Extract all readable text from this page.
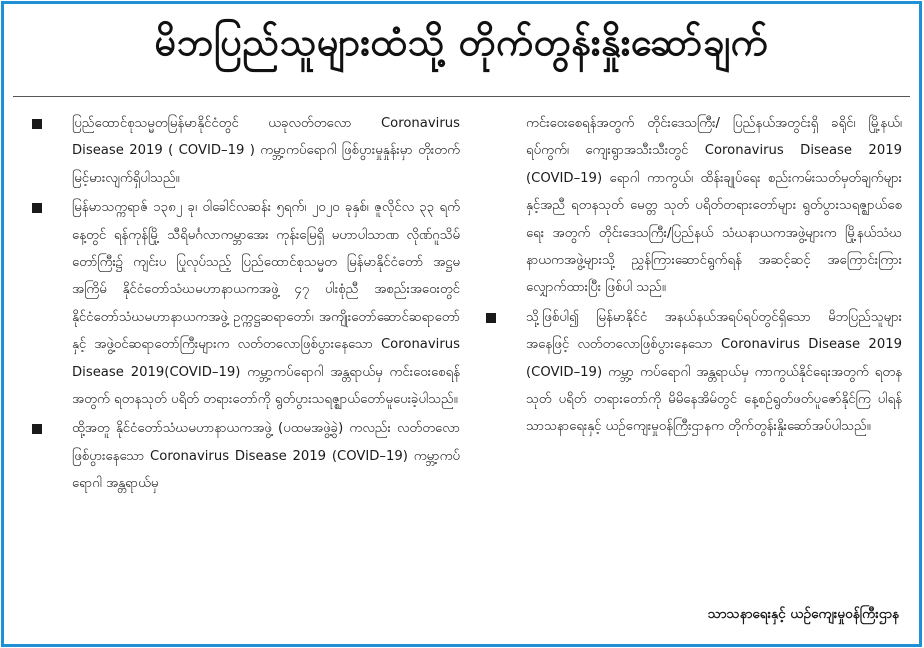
မိဘပြည်သူများထံသို့ တိုက်တွန်းနှိုးဆော်ချက်
ပြည်ထောင်စုသမ္မတမြန်မာနိုင်ငံတွင် ယခုလတ်တလော Coronavirus Disease 2019 ( COVID–19 ) ကမ္ဘာ့ကပ်ရောဂါ ဖြစ်ပွားမှုနှုန်းမှာ တိုးတက်မြင့်မားလျက်ရှိပါသည်။
မြန်မာသက္ကရာဇ် ၁၃၈၂ ခု၊ ဝါခေါင်လဆန်း ၅ရက်၊ ၂၀၂၀ ခုနှစ်၊ ဇူလိုင်လ ၃၃ ရက်နေ့တွင် ရန်ကုန်မြို့ သီရိမင်္ဂလာကမ္ဘာအေး ကုန်းမြေရှိ မဟာပါသာဏ လိုဏ်ဂူသိမ်တော်ကြီး၌ ကျင်းပ ပြုလုပ်သည့် ပြည်ထောင်စုသမ္မတ မြန်မာနိုင်ငံတော် အဋ္ဌမ အကြိမ် နိုင်ငံတော်သံဃမဟာနာယကအဖွဲ့ ၄၇ ပါးစုံညီ အစည်းအဝေးတွင် နိုင်ငံတော်သံဃမဟာနာယကအဖွဲ့ ဥက္ကဋ္ဌဆရာတော်၊ အကျိုးတော်ဆောင်ဆရာတော်နှင့် အဖွဲ့ဝင်ဆရာတော်ကြီးများက လတ်တလောဖြစ်ပွားနေသော Coronavirus Disease 2019(COVID–19) ကမ္ဘာ့ကပ်ရောဂါ အန္တရာယ်မှ ကင်းဝေးစေရန်အတွက် ရတနသုတ် ပရိတ် တရားတော်ကို ရွတ်ပွားသရဇ္ဈာယ်တော်မူပေးခဲ့ပါသည်။
ထို့အတူ နိုင်ငံတော်သံဃမဟာနာယကအဖွဲ့ (ပထမအဖွဲ့ခွဲ) ကလည်း လတ်တလော ဖြစ်ပွားနေသော Coronavirus Disease 2019 (COVID–19) ကမ္ဘာ့ကပ်ရောဂါ အန္တရာယ်မှ
ကင်းဝေးစေရန်အတွက် တိုင်းဒေသကြီး/ ပြည်နယ်အတွင်းရှိ ခရိုင်၊ မြို့နယ်၊ ရပ်ကွက်၊ ကျေးရွာအသီးသီးတွင် Coronavirus Disease 2019 (COVID–19) ရောဂါ ကာကွယ်၊ ထိန်းချုပ်ရေး စည်းကမ်းသတ်မှတ်ချက်များနှင့်အညီ ရတနသုတ် မေတ္တ သုတ် ပရိတ်တရားတော်များ ရွတ်ပွားသရဇ္ဈာယ်စေရေး အတွက် တိုင်းဒေသကြီး/ပြည်နယ် သံဃနာယကအဖွဲ့များက မြို့နယ်သံဃနာယကအဖွဲ့များသို့ ညွှန်ကြားဆောင်ရွက်ရန် အဆင့်ဆင့် အကြောင်းကြား လျှောက်ထားပြီး ဖြစ်ပါ သည်။
သို့ဖြစ်ပါ၍ မြန်မာနိုင်ငံ အနယ်နယ်အရပ်ရပ်တွင်ရှိသော မိဘပြည်သူများအနေဖြင့် လတ်တလောဖြစ်ပွားနေသော Coronavirus Disease 2019 (COVID–19) ကမ္ဘာ့ ကပ်ရောဂါ အန္တရာယ်မှ ကာကွယ်နိုင်ရေးအတွက် ရတနသုတ် ပရိတ် တရားတော်ကို မိမိနေအိမ်တွင် နေ့စဉ်ရွတ်ဖတ်ပူဇော်နိုင်ကြ ပါရန် သာသနာရေးနှင့် ယဉ်ကျေးမှုဝန်ကြီးဌာနက တိုက်တွန်းနှိုးဆော်အပ်ပါသည်။
သာသနာရေးနှင့် ယဉ်ကျေးမှုဝန်ကြီးဌာန
